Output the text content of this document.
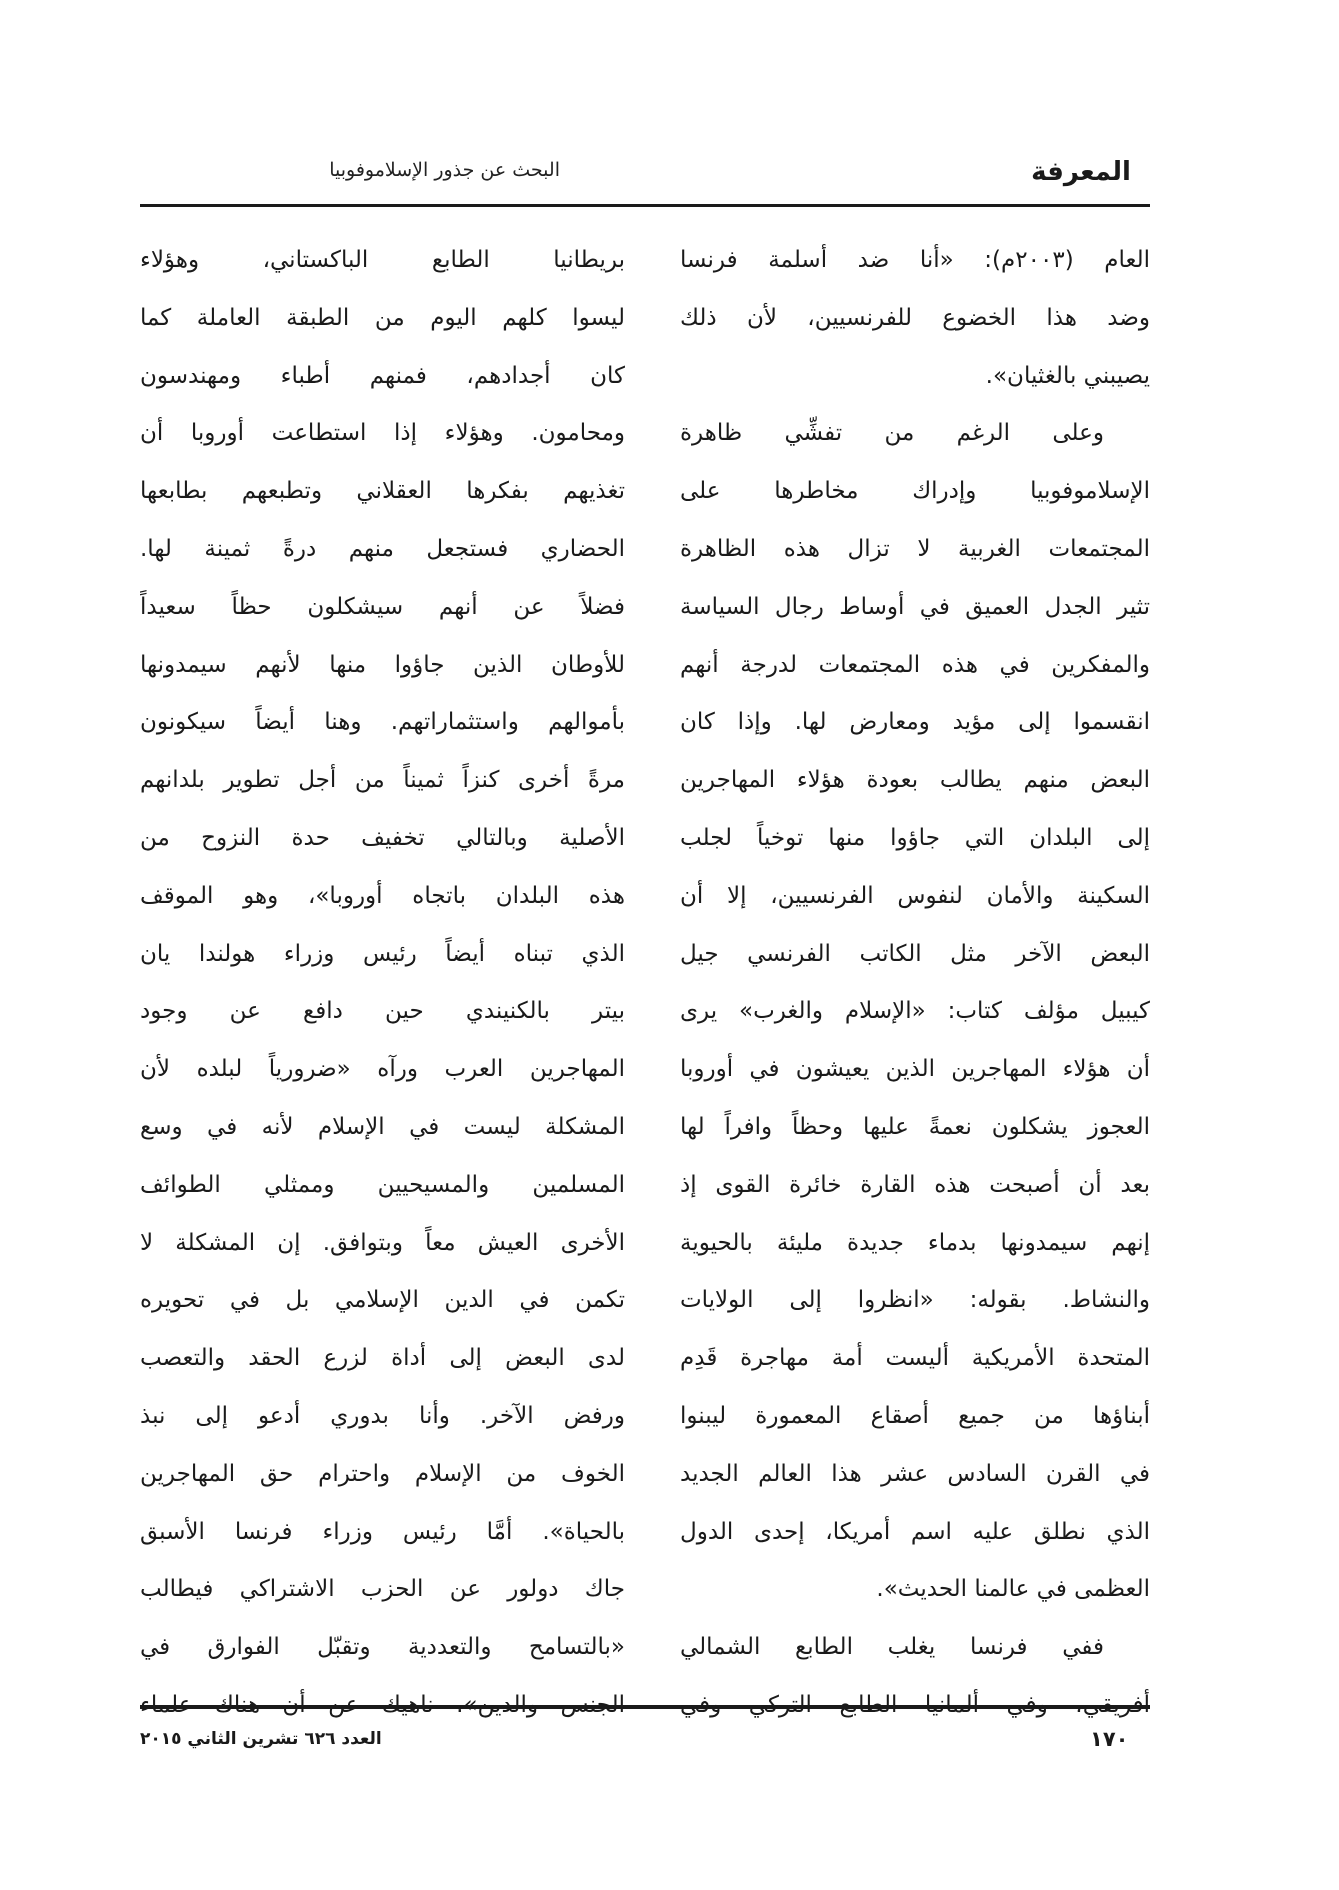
المعرفة
البحث عن جذور الإسلاموفوبيا
العام (٢٠٠٣م): «أنا ضد أسلمة فرنسا
وضد هذا الخضوع للفرنسيين، لأن ذلك
يصيبني بالغثيان».
وعلى الرغم من تفشِّي ظاهرة
الإسلاموفوبيا وإدراك مخاطرها على
المجتمعات الغربية لا تزال هذه الظاهرة
تثير الجدل العميق في أوساط رجال السياسة
والمفكرين في هذه المجتمعات لدرجة أنهم
انقسموا إلى مؤيد ومعارض لها. وإذا كان
البعض منهم يطالب بعودة هؤلاء المهاجرين
إلى البلدان التي جاؤوا منها توخياً لجلب
السكينة والأمان لنفوس الفرنسيين، إلا أن
البعض الآخر مثل الكاتب الفرنسي جيل
كيبيل مؤلف كتاب: «الإسلام والغرب» يرى
أن هؤلاء المهاجرين الذين يعيشون في أوروبا
العجوز يشكلون نعمةً عليها وحظاً وافراً لها
بعد أن أصبحت هذه القارة خائرة القوى إذ
إنهم سيمدونها بدماء جديدة مليئة بالحيوية
والنشاط. بقوله: «انظروا إلى الولايات
المتحدة الأمريكية أليست أمة مهاجرة قَدِم
أبناؤها من جميع أصقاع المعمورة ليبنوا
في القرن السادس عشر هذا العالم الجديد
الذي نطلق عليه اسم أمريكا، إحدى الدول
العظمى في عالمنا الحديث».
ففي فرنسا يغلب الطابع الشمالي
بريطانيا الطابع الباكستاني، وهؤلاء
ليسوا كلهم اليوم من الطبقة العاملة كما
كان أجدادهم، فمنهم أطباء ومهندسون
ومحامون. وهؤلاء إذا استطاعت أوروبا أن
تغذيهم بفكرها العقلاني وتطبعهم بطابعها
الحضاري فستجعل منهم درةً ثمينة لها.
فضلاً عن أنهم سيشكلون حظاً سعيداً
للأوطان الذين جاؤوا منها لأنهم سيمدونها
بأموالهم واستثماراتهم. وهنا أيضاً سيكونون
مرةً أخرى كنزاً ثميناً من أجل تطوير بلدانهم
الأصلية وبالتالي تخفيف حدة النزوح من
هذه البلدان باتجاه أوروبا»، وهو الموقف
الذي تبناه أيضاً رئيس وزراء هولندا يان
بيتر بالكنيندي حين دافع عن وجود
المهاجرين العرب ورآه «ضرورياً لبلده لأن
المشكلة ليست في الإسلام لأنه في وسع
المسلمين والمسيحيين وممثلي الطوائف
الأخرى العيش معاً وبتوافق. إن المشكلة لا
تكمن في الدين الإسلامي بل في تحويره
لدى البعض إلى أداة لزرع الحقد والتعصب
ورفض الآخر. وأنا بدوري أدعو إلى نبذ
الخوف من الإسلام واحترام حق المهاجرين
بالحياة». أمَّا رئيس وزراء فرنسا الأسبق
جاك دولور عن الحزب الاشتراكي فيطالب
«بالتسامح والتعددية وتقبّل الفوارق في
١٧٠
العدد ٦٢٦ تشرين الثاني ٢٠١٥
